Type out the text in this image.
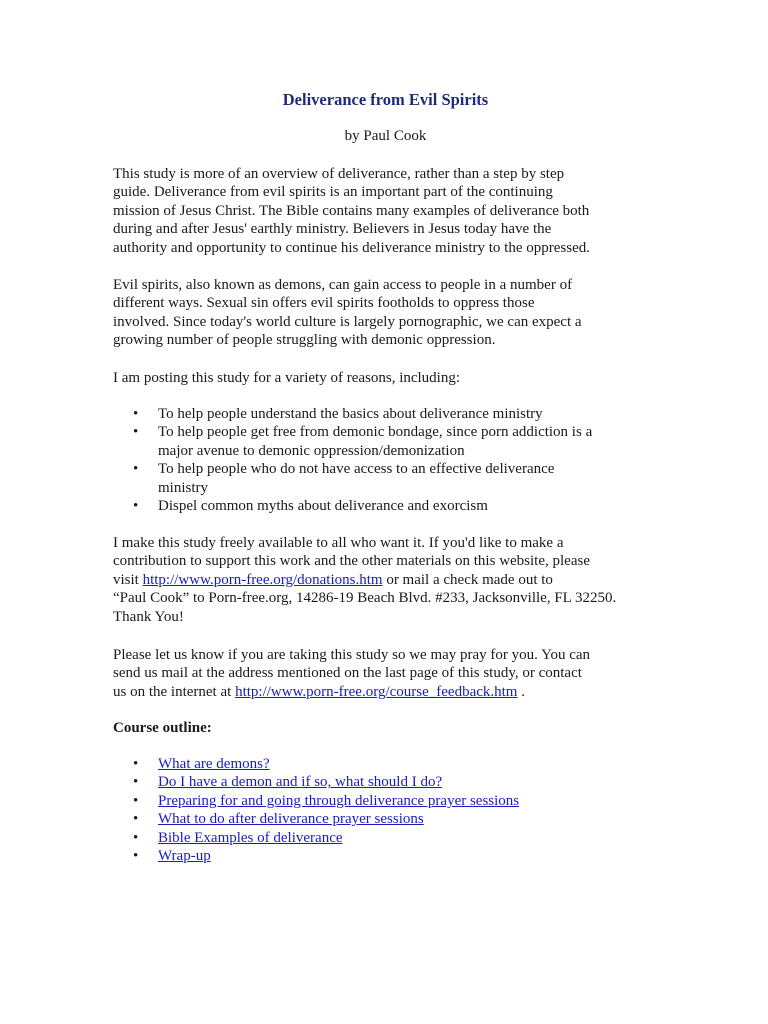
Deliverance from Evil Spirits

by Paul Cook

This study is more of an overview of deliverance, rather than a step by step
guide. Deliverance from evil spirits is an important part of the continuing
mission of Jesus Christ. The Bible contains many examples of deliverance both
during and after Jesus' earthly ministry. Believers in Jesus today have the
authority and opportunity to continue his deliverance ministry to the oppressed.

Evil spirits, also known as demons, can gain access to people in a number of
different ways. Sexual sin offers evil spirits footholds to oppress those
involved. Since today's world culture is largely pornographic, we can expect a
growing number of people struggling with demonic oppression.

I am posting this study for a variety of reasons, including:

• To help people understand the basics about deliverance ministry
• To help people get free from demonic bondage, since porn addiction is a
major avenue to demonic oppression/demonization
• To help people who do not have access to an effective deliverance
ministry
• Dispel common myths about deliverance and exorcism

I make this study freely available to all who want it. If you'd like to make a
contribution to support this work and the other materials on this website, please
visit http://www.porn-free.org/donations.htm or mail a check made out to
“Paul Cook” to Porn-free.org, 14286-19 Beach Blvd. #233, Jacksonville, FL 32250.
Thank You!

Please let us know if you are taking this study so we may pray for you. You can
send us mail at the address mentioned on the last page of this study, or contact
us on the internet at http://www.porn-free.org/course_feedback.htm .

Course outline:

• What are demons?
• Do I have a demon and if so, what should I do?
• Preparing for and going through deliverance prayer sessions
• What to do after deliverance prayer sessions
• Bible Examples of deliverance
• Wrap-up
